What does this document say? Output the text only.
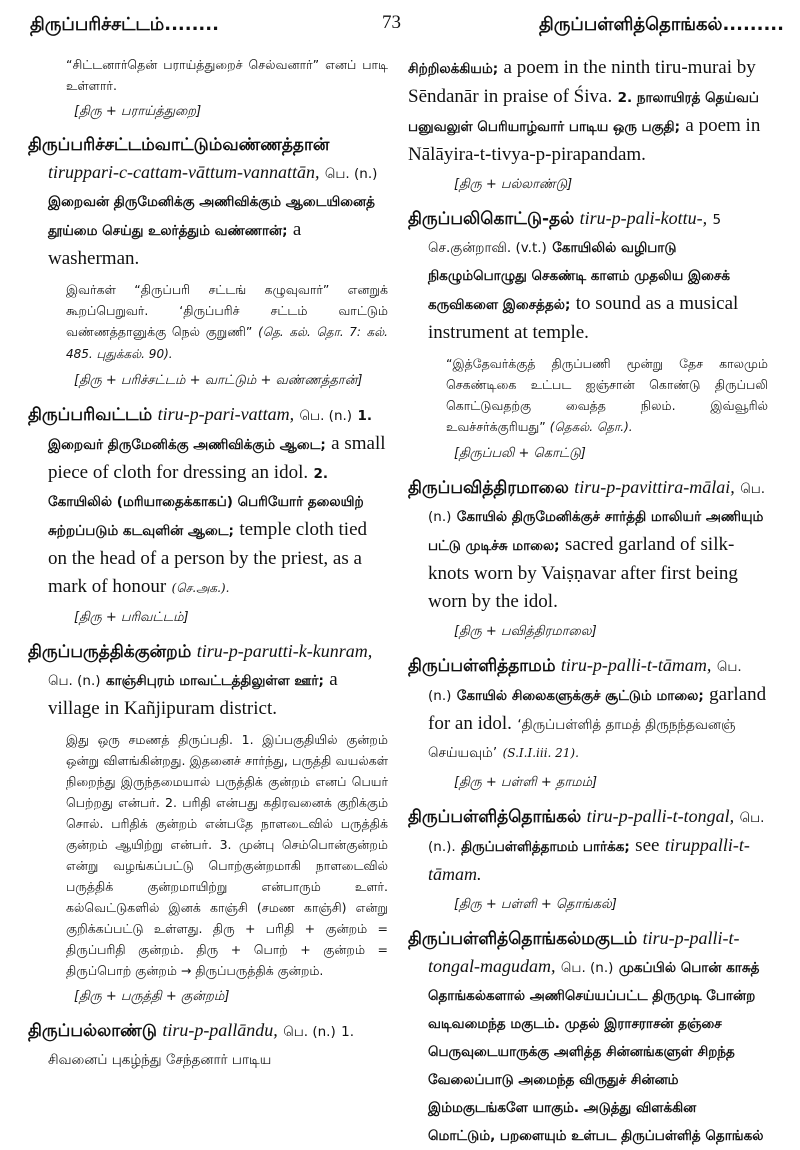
திருப்பரிச்சட்டம்........	73	திருப்பள்ளித்தொங்கல்.........
“சிட்டனார்தென் பராய்த்துறைச் செல்வனார்” எனப் பாடி உள்ளார்.
[திரு + பராய்த்துறை]
திருப்பரிச்சட்டம்வாட்டும்வண்ணத்தான் tiruppari-c-cattam-vāttum-vannattān, பெ. (n.) இறைவன் திருமேனிக்கு அணிவிக்கும் ஆடையினைத் தூய்மை செய்து உலர்த்தும் வண்ணான்; a washerman.
இவர்கள் “திருப்பரி சட்டங் கழுவுவார்” எனறுக் கூறப்பெறுவர். ‘திருப்பரிச் சட்டம் வாட்டும் வண்ணத்தானுக்கு நெல் குறுணி” (தெ. கல். தொ. 7: கல். 485. புதுக்கல். 90).
[திரு + பரிச்சட்டம் + வாட்டும் + வண்ணத்தான்]
திருப்பரிவட்டம் tiru-p-pari-vattam, பெ. (n.) 1. இறைவர் திருமேனிக்கு அணிவிக்கும் ஆடை; a small piece of cloth for dressing an idol. 2. கோயிலில் (மரியாதைக்காகப்) பெரியோர் தலையிற் சுற்றப்படும் கடவுளின் ஆடை; temple cloth tied on the head of a person by the priest, as a mark of honour (செ.அக.).
[திரு + பரிவட்டம்]
திருப்பருத்திக்குன்றம் tiru-p-parutti-k-kunram, பெ. (n.) காஞ்சிபுரம் மாவட்டத்திலுள்ள ஊர்; a village in Kañjipuram district.
இது ஒரு சமணத் திருப்பதி. 1. இப்பகுதியில் குன்றம் ஒன்று விளங்கின்றது. இதனைச் சார்ந்து, பருத்தி வயல்கள் நிறைந்து இருந்தமையால் பருத்திக் குன்றம் எனப் பெயர் பெற்றது என்பர். 2. பரிதி என்பது கதிரவனைக் குறிக்கும் சொல். பரிதிக் குன்றம் என்பதே நாளடைவில் பருத்திக் குன்றம் ஆயிற்று என்பர். 3. முன்பு செம்பொன்குன்றம் என்று வழங்கப்பட்டு பொற்குன்றமாகி நாளடைவில் பருத்திக் குன்றமாயிற்று என்பாரும் உளர். கல்வெட்டுகளில் இனக் காஞ்சி (சமண காஞ்சி) என்று குறிக்கப்பட்டு உள்ளது. திரு + பரிதி + குன்றம் = திருப்பரிதி குன்றம். திரு + பொற் + குன்றம் = திருப்பொற் குன்றம் → திருப்பருத்திக் குன்றம்.
[திரு + பருத்தி + குன்றம்]
திருப்பல்லாண்டு tiru-p-pallāndu, பெ. (n.) 1. சிவனைப் புகழ்ந்து சேந்தனார் பாடிய
சிற்றிலக்கியம்; a poem in the ninth tiru-murai by Sēndanār in praise of Śiva. 2. நாலாயிரத் தெய்வப் பனுவலுள் பெரியாழ்வார் பாடிய ஒரு பகுதி; a poem in Nālāyira-t-tivya-p-pirapandam.
[திரு + பல்லாண்டு]
திருப்பலிகொட்டு-தல் tiru-p-pali-kottu-, 5 செ.குன்றாவி. (v.t.) கோயிலில் வழிபாடு நிகழும்பொழுது செகண்டி காளம் முதலிய இசைக் கருவிகளை இசைத்தல்; to sound as a musical instrument at temple.
“இத்தேவர்க்குத் திருப்பணி மூன்று தேச காலமும் செகண்டிகை உட்பட ஐஞ்சான் கொண்டு திருப்பலி கொட்டுவதற்கு வைத்த நிலம். இவ்வூரில் உவச்சர்க்குரியது” (தெகல். தொ.).
[திருப்பலி + கொட்டு]
திருப்பவித்திரமாலை tiru-p-pavittira-mālai, பெ. (n.) கோயில் திருமேனிக்குச் சார்த்தி மாலியர் அணியும் பட்டு முடிச்சு மாலை; sacred garland of silk-knots worn by Vaiṣṇavar after first being worn by the idol.
[திரு + பவித்திரமாலை]
திருப்பள்ளித்தாமம் tiru-p-palli-t-tāmam, பெ. (n.) கோயில் சிலைகளுக்குச் சூட்டும் மாலை; garland for an idol. ‘திருப்பள்ளித் தாமத் திருநந்தவனஞ் செய்யவும்’ (S.I.I.iii. 21).
[திரு + பள்ளி + தாமம்]
திருப்பள்ளித்தொங்கல் tiru-p-palli-t-tongal, பெ. (n.). திருப்பள்ளித்தாமம் பார்க்க; see tiruppalli-t-tāmam.
[திரு + பள்ளி + தொங்கல்]
திருப்பள்ளித்தொங்கல்மகுடம் tiru-p-palli-t-tongal-magudam, பெ. (n.) முகப்பில் பொன் காசுத் தொங்கல்களால் அணிசெய்யப்பட்ட திருமுடி போன்ற வடிவமைந்த மகுடம். முதல் இராசராசன் தஞ்சை பெருவுடையாருக்கு அளித்த சின்னங்களுள் சிறந்த வேலைப்பாடு அமைந்த விருதுச் சின்னம் இம்மகுடங்களே யாகும். அடுத்து விளக்கின மொட்டும், பறளையும் உள்பட திருப்பள்ளித் தொங்கல்
